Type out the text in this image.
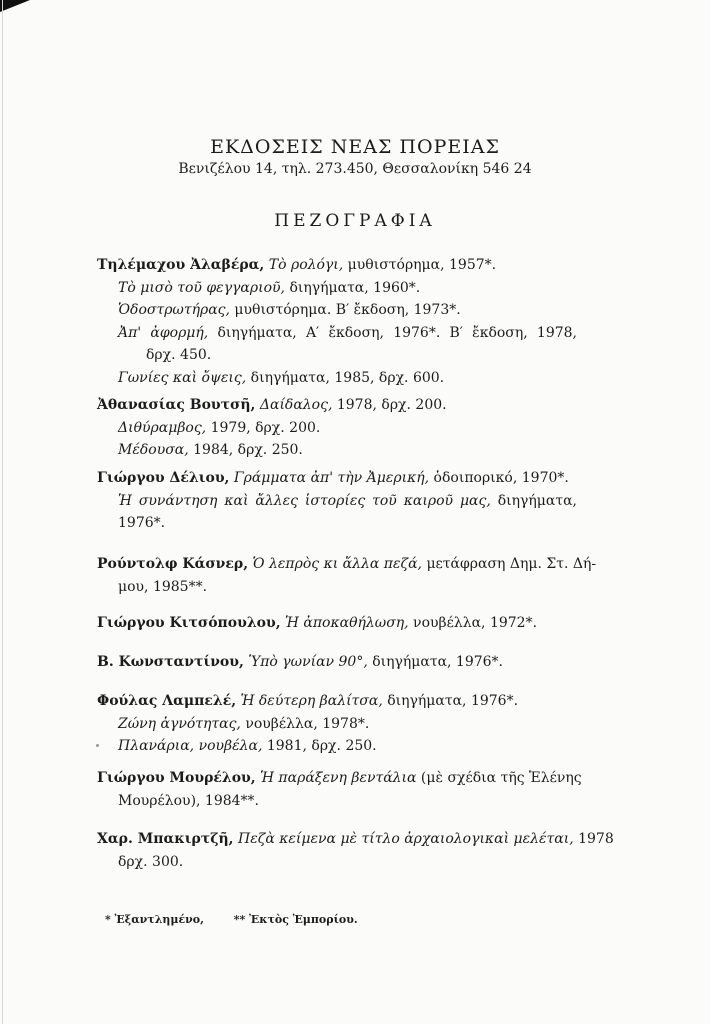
ΕΚΔΟΣΕΙΣ ΝΕΑΣ ΠΟΡΕΙΑΣ
Βενιζέλου 14, τηλ. 273.450, Θεσσαλονίκη 546 24
ΠΕΖΟΓΡΑΦΙΑ
Τηλέμαχου Ἀλαβέρα, Τὸ ρολόγι, μυθιστόρημα, 1957*.
Τὸ μισὸ τοῦ φεγγαριοῦ, διηγήματα, 1960*.
Ὁδοστρωτήρας, μυθιστόρημα. Β′ ἔκδοση, 1973*.
Ἀπ' ἀφορμή, διηγήματα, Α′ ἔκδοση, 1976*. Β′ ἔκδοση, 1978,
δρχ. 450.
Γωνίες καὶ ὄψεις, διηγήματα, 1985, δρχ. 600.
Ἀθανασίας Βουτσῆ, Δαίδαλος, 1978, δρχ. 200.
Διθύραμβος, 1979, δρχ. 200.
Μέδουσα, 1984, δρχ. 250.
Γιώργου Δέλιου, Γράμματα ἀπ' τὴν Ἀμερική, ὁδοιπορικό, 1970*.
Ἡ συνάντηση καὶ ἄλλες ἱστορίες τοῦ καιροῦ μας, διηγήματα,
1976*.
Ρούντολφ Κάσνερ, Ὁ λεπρὸς κι ἄλλα πεζά, μετάφραση Δημ. Στ. Δή-
μου, 1985**.
Γιώργου Κιτσόπουλου, Ἡ ἀποκαθήλωση, νουβέλλα, 1972*.
Β. Κωνσταντίνου, Ὑπὸ γωνίαν 90°, διηγήματα, 1976*.
Φούλας Λαμπελέ, Ἡ δεύτερη βαλίτσα, διηγήματα, 1976*.
Ζώνη ἁγνότητας, νουβέλλα, 1978*.
Πλανάρια, νουβέλα, 1981, δρχ. 250.
Γιώργου Μουρέλου, Ἡ παράξενη βεντάλια (μὲ σχέδια τῆς Ἑλένης
Μουρέλου), 1984**.
Χαρ. Μπακιρτζῆ, Πεζὰ κείμενα μὲ τίτλο ἀρχαιολογικαὶ μελέται, 1978
δρχ. 300.
* Ἐξαντλημένο,	** Ἐκτὸς Ἐμπορίου.
